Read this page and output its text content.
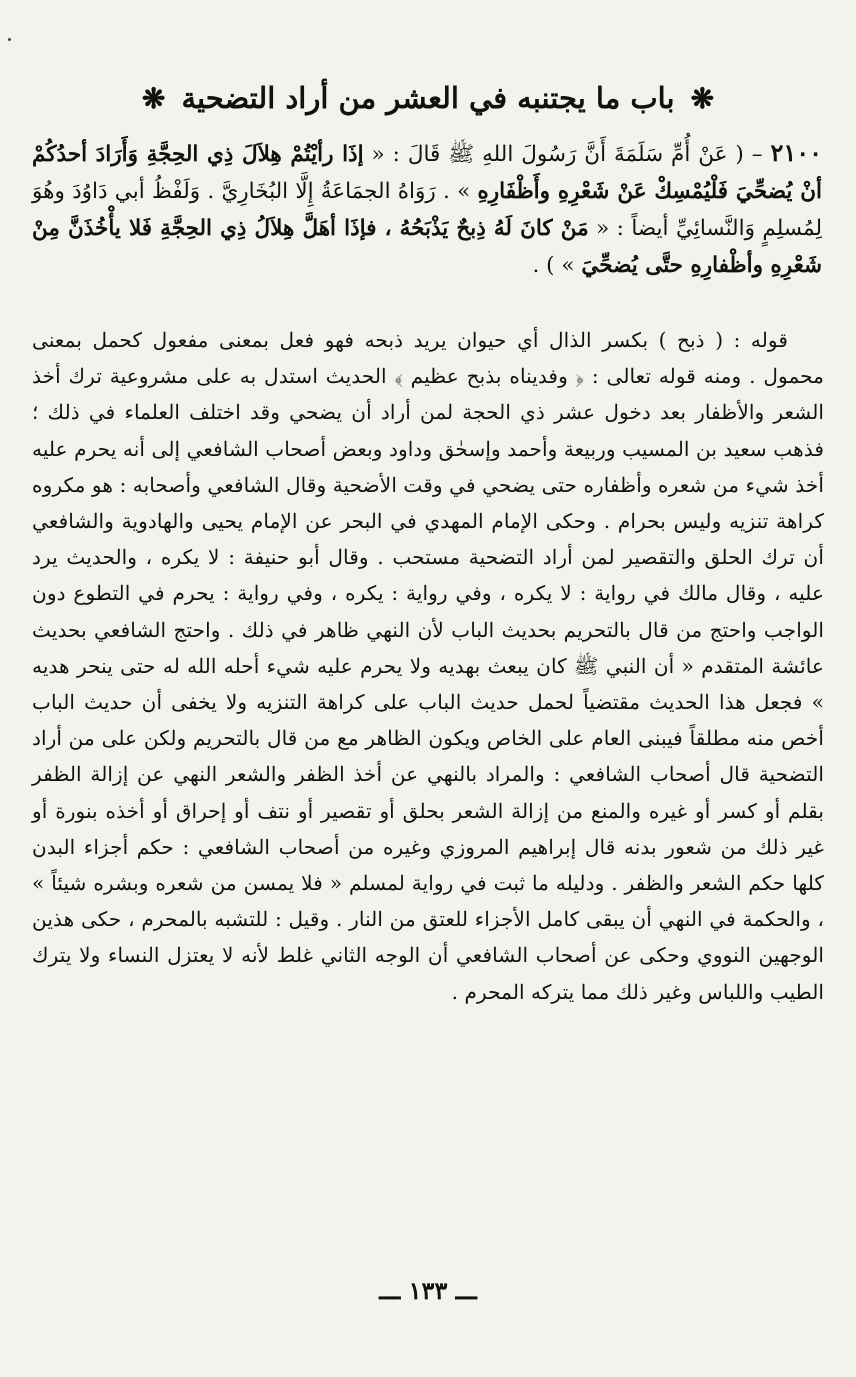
❋ باب ما يجتنبه في العشر من أراد التضحية ❋
٢١٠٠ – ( عَنْ أُمِّ سَلَمَةَ أَنَّ رَسُولَ اللهِ ﷺ قَالَ : « إذَا رأيْتُمْ هِلاَلَ ذِي الحِجَّةِ وَأَرَادَ أحدُكُمْ أنْ يُضحِّيَ فَلْيُمْسِكْ عَنْ شَعْرِهِ وأَظْفَارِهِ » . رَوَاهُ الجمَاعَةُ إِلَّا البُخَارِيَّ . وَلَفْظُ أبي دَاوُدَ وهُوَ لِمُسلِمٍ وَالنَّسائِيِّ أيضاً : « مَنْ كانَ لَهُ ذِبحٌ يَذْبَحُهُ ، فإذَا أهَلَّ هِلاَلُ ذِي الحِجَّةِ فَلا يأْخُذَنَّ مِنْ شَعْرِهِ وأظْفارِهِ حتَّى يُضحِّيَ » ) .
قوله : ( ذبح ) بكسر الذال أي حيوان يريد ذبحه فهو فعل بمعنى مفعول كحمل بمعنى محمول . ومنه قوله تعالى : ﴿ وفديناه بذبح عظيم ﴾ الحديث استدل به على مشروعية ترك أخذ الشعر والأظفار بعد دخول عشر ذي الحجة لمن أراد أن يضحي وقد اختلف العلماء في ذلك ؛ فذهب سعيد بن المسيب وربيعة وأحمد وإسحٰق وداود وبعض أصحاب الشافعي إلى أنه يحرم عليه أخذ شيء من شعره وأظفاره حتى يضحي في وقت الأضحية وقال الشافعي وأصحابه : هو مكروه كراهة تنزيه وليس بحرام . وحكى الإمام المهدي في البحر عن الإمام يحيى والهادوية والشافعي أن ترك الحلق والتقصير لمن أراد التضحية مستحب . وقال أبو حنيفة : لا يكره ، والحديث يرد عليه ، وقال مالك في رواية : لا يكره ، وفي رواية : يكره ، وفي رواية : يحرم في التطوع دون الواجب واحتج من قال بالتحريم بحديث الباب لأن النهي ظاهر في ذلك . واحتج الشافعي بحديث عائشة المتقدم « أن النبي ﷺ كان يبعث بهديه ولا يحرم عليه شيء أحله الله له حتى ينحر هديه » فجعل هذا الحديث مقتضياً لحمل حديث الباب على كراهة التنزيه ولا يخفى أن حديث الباب أخص منه مطلقاً فيبنى العام على الخاص ويكون الظاهر مع من قال بالتحريم ولكن على من أراد التضحية قال أصحاب الشافعي : والمراد بالنهي عن أخذ الظفر والشعر النهي عن إزالة الظفر بقلم أو كسر أو غيره والمنع من إزالة الشعر بحلق أو تقصير أو نتف أو إحراق أو أخذه بنورة أو غير ذلك من شعور بدنه قال إبراهيم المروزي وغيره من أصحاب الشافعي : حكم أجزاء البدن كلها حكم الشعر والظفر . ودليله ما ثبت في رواية لمسلم « فلا يمسن من شعره وبشره شيئاً » ، والحكمة في النهي أن يبقى كامل الأجزاء للعتق من النار . وقيل : للتشبه بالمحرم ، حكى هذين الوجهين النووي وحكى عن أصحاب الشافعي أن الوجه الثاني غلط لأنه لا يعتزل النساء ولا يترك الطيب واللباس وغير ذلك مما يتركه المحرم .
ـــ ١٣٣ ـــ
